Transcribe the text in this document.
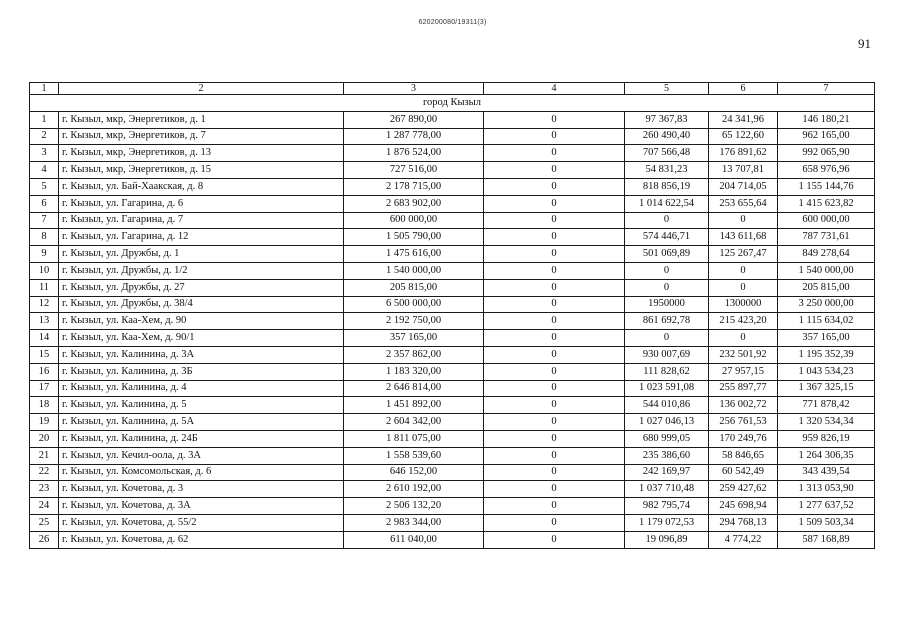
620200080/19311(3)
91
1	2	3	4	5	6	7
город Кызыл						
1	г. Кызыл, мкр, Энергетиков, д. 1	267 890,00	0	97 367,83	24 341,96	146 180,21
2	г. Кызыл, мкр, Энергетиков, д. 7	1 287 778,00	0	260 490,40	65 122,60	962 165,00
3	г. Кызыл, мкр, Энергетиков, д. 13	1 876 524,00	0	707 566,48	176 891,62	992 065,90
4	г. Кызыл, мкр, Энергетиков, д. 15	727 516,00	0	54 831,23	13 707,81	658 976,96
5	г. Кызыл, ул. Бай-Хаакская, д. 8	2 178 715,00	0	818 856,19	204 714,05	1 155 144,76
6	г. Кызыл, ул. Гагарина, д. 6	2 683 902,00	0	1 014 622,54	253 655,64	1 415 623,82
7	г. Кызыл, ул. Гагарина, д. 7	600 000,00	0	0	0	600 000,00
8	г. Кызыл, ул. Гагарина, д. 12	1 505 790,00	0	574 446,71	143 611,68	787 731,61
9	г. Кызыл, ул. Дружбы, д. 1	1 475 616,00	0	501 069,89	125 267,47	849 278,64
10	г. Кызыл, ул. Дружбы, д. 1/2	1 540 000,00	0	0	0	1 540 000,00
11	г. Кызыл, ул. Дружбы, д. 27	205 815,00	0	0	0	205 815,00
12	г. Кызыл, ул. Дружбы, д. 38/4	6 500 000,00	0	1950000	1300000	3 250 000,00
13	г. Кызыл, ул. Каа-Хем, д. 90	2 192 750,00	0	861 692,78	215 423,20	1 115 634,02
14	г. Кызыл, ул. Каа-Хем, д. 90/1	357 165,00	0	0	0	357 165,00
15	г. Кызыл, ул. Калинина, д. 3А	2 357 862,00	0	930 007,69	232 501,92	1 195 352,39
16	г. Кызыл, ул. Калинина, д. 3Б	1 183 320,00	0	111 828,62	27 957,15	1 043 534,23
17	г. Кызыл, ул. Калинина, д. 4	2 646 814,00	0	1 023 591,08	255 897,77	1 367 325,15
18	г. Кызыл, ул. Калинина, д. 5	1 451 892,00	0	544 010,86	136 002,72	771 878,42
19	г. Кызыл, ул. Калинина, д. 5А	2 604 342,00	0	1 027 046,13	256 761,53	1 320 534,34
20	г. Кызыл, ул. Калинина, д. 24Б	1 811 075,00	0	680 999,05	170 249,76	959 826,19
21	г. Кызыл, ул. Кечил-оола, д. 3А	1 558 539,60	0	235 386,60	58 846,65	1 264 306,35
22	г. Кызыл, ул. Комсомольская, д. 6	646 152,00	0	242 169,97	60 542,49	343 439,54
23	г. Кызыл, ул. Кочетова, д. 3	2 610 192,00	0	1 037 710,48	259 427,62	1 313 053,90
24	г. Кызыл, ул. Кочетова, д. 3А	2 506 132,20	0	982 795,74	245 698,94	1 277 637,52
25	г. Кызыл, ул. Кочетова, д. 55/2	2 983 344,00	0	1 179 072,53	294 768,13	1 509 503,34
26	г. Кызыл, ул. Кочетова, д. 62	611 040,00	0	19 096,89	4 774,22	587 168,89
